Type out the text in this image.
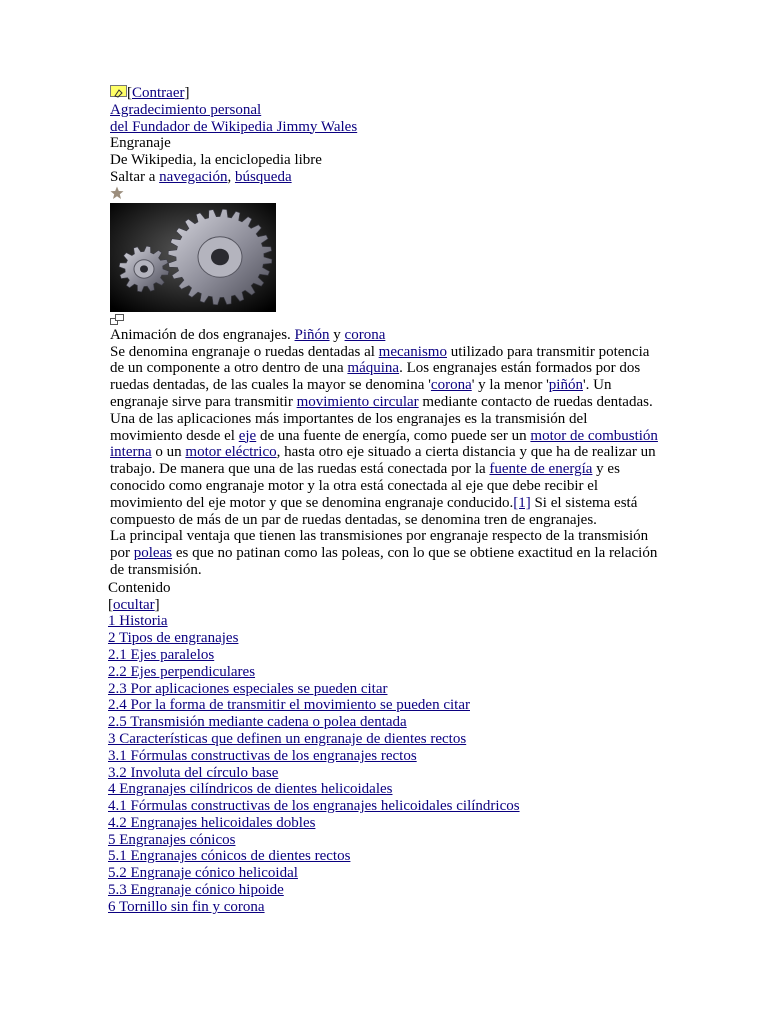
[Contraer]
Agradecimiento personal
del Fundador de Wikipedia Jimmy Wales
Engranaje
De Wikipedia, la enciclopedia libre
Saltar a navegación, búsqueda
Animación de dos engranajes. Piñón y corona

Se denomina engranaje o ruedas dentadas al mecanismo utilizado para transmitir potencia de un componente a otro dentro de una máquina. Los engranajes están formados por dos ruedas dentadas, de las cuales la mayor se denomina 'corona' y la menor 'piñón'. Un engranaje sirve para transmitir movimiento circular mediante contacto de ruedas dentadas. Una de las aplicaciones más importantes de los engranajes es la transmisión del movimiento desde el eje de una fuente de energía, como puede ser un motor de combustión interna o un motor eléctrico, hasta otro eje situado a cierta distancia y que ha de realizar un trabajo. De manera que una de las ruedas está conectada por la fuente de energía y es conocido como engranaje motor y la otra está conectada al eje que debe recibir el movimiento del eje motor y que se denomina engranaje conducido.[1] Si el sistema está compuesto de más de un par de ruedas dentadas, se denomina tren de engranajes.

La principal ventaja que tienen las transmisiones por engranaje respecto de la transmisión por poleas es que no patinan como las poleas, con lo que se obtiene exactitud en la relación de transmisión.

Contenido
[ocultar]
1 Historia
2 Tipos de engranajes
2.1 Ejes paralelos
2.2 Ejes perpendiculares
2.3 Por aplicaciones especiales se pueden citar
2.4 Por la forma de transmitir el movimiento se pueden citar
2.5 Transmisión mediante cadena o polea dentada
3 Características que definen un engranaje de dientes rectos
3.1 Fórmulas constructivas de los engranajes rectos
3.2 Involuta del círculo base
4 Engranajes cilíndricos de dientes helicoidales
4.1 Fórmulas constructivas de los engranajes helicoidales cilíndricos
4.2 Engranajes helicoidales dobles
5 Engranajes cónicos
5.1 Engranajes cónicos de dientes rectos
5.2 Engranaje cónico helicoidal
5.3 Engranaje cónico hipoide
6 Tornillo sin fin y corona
